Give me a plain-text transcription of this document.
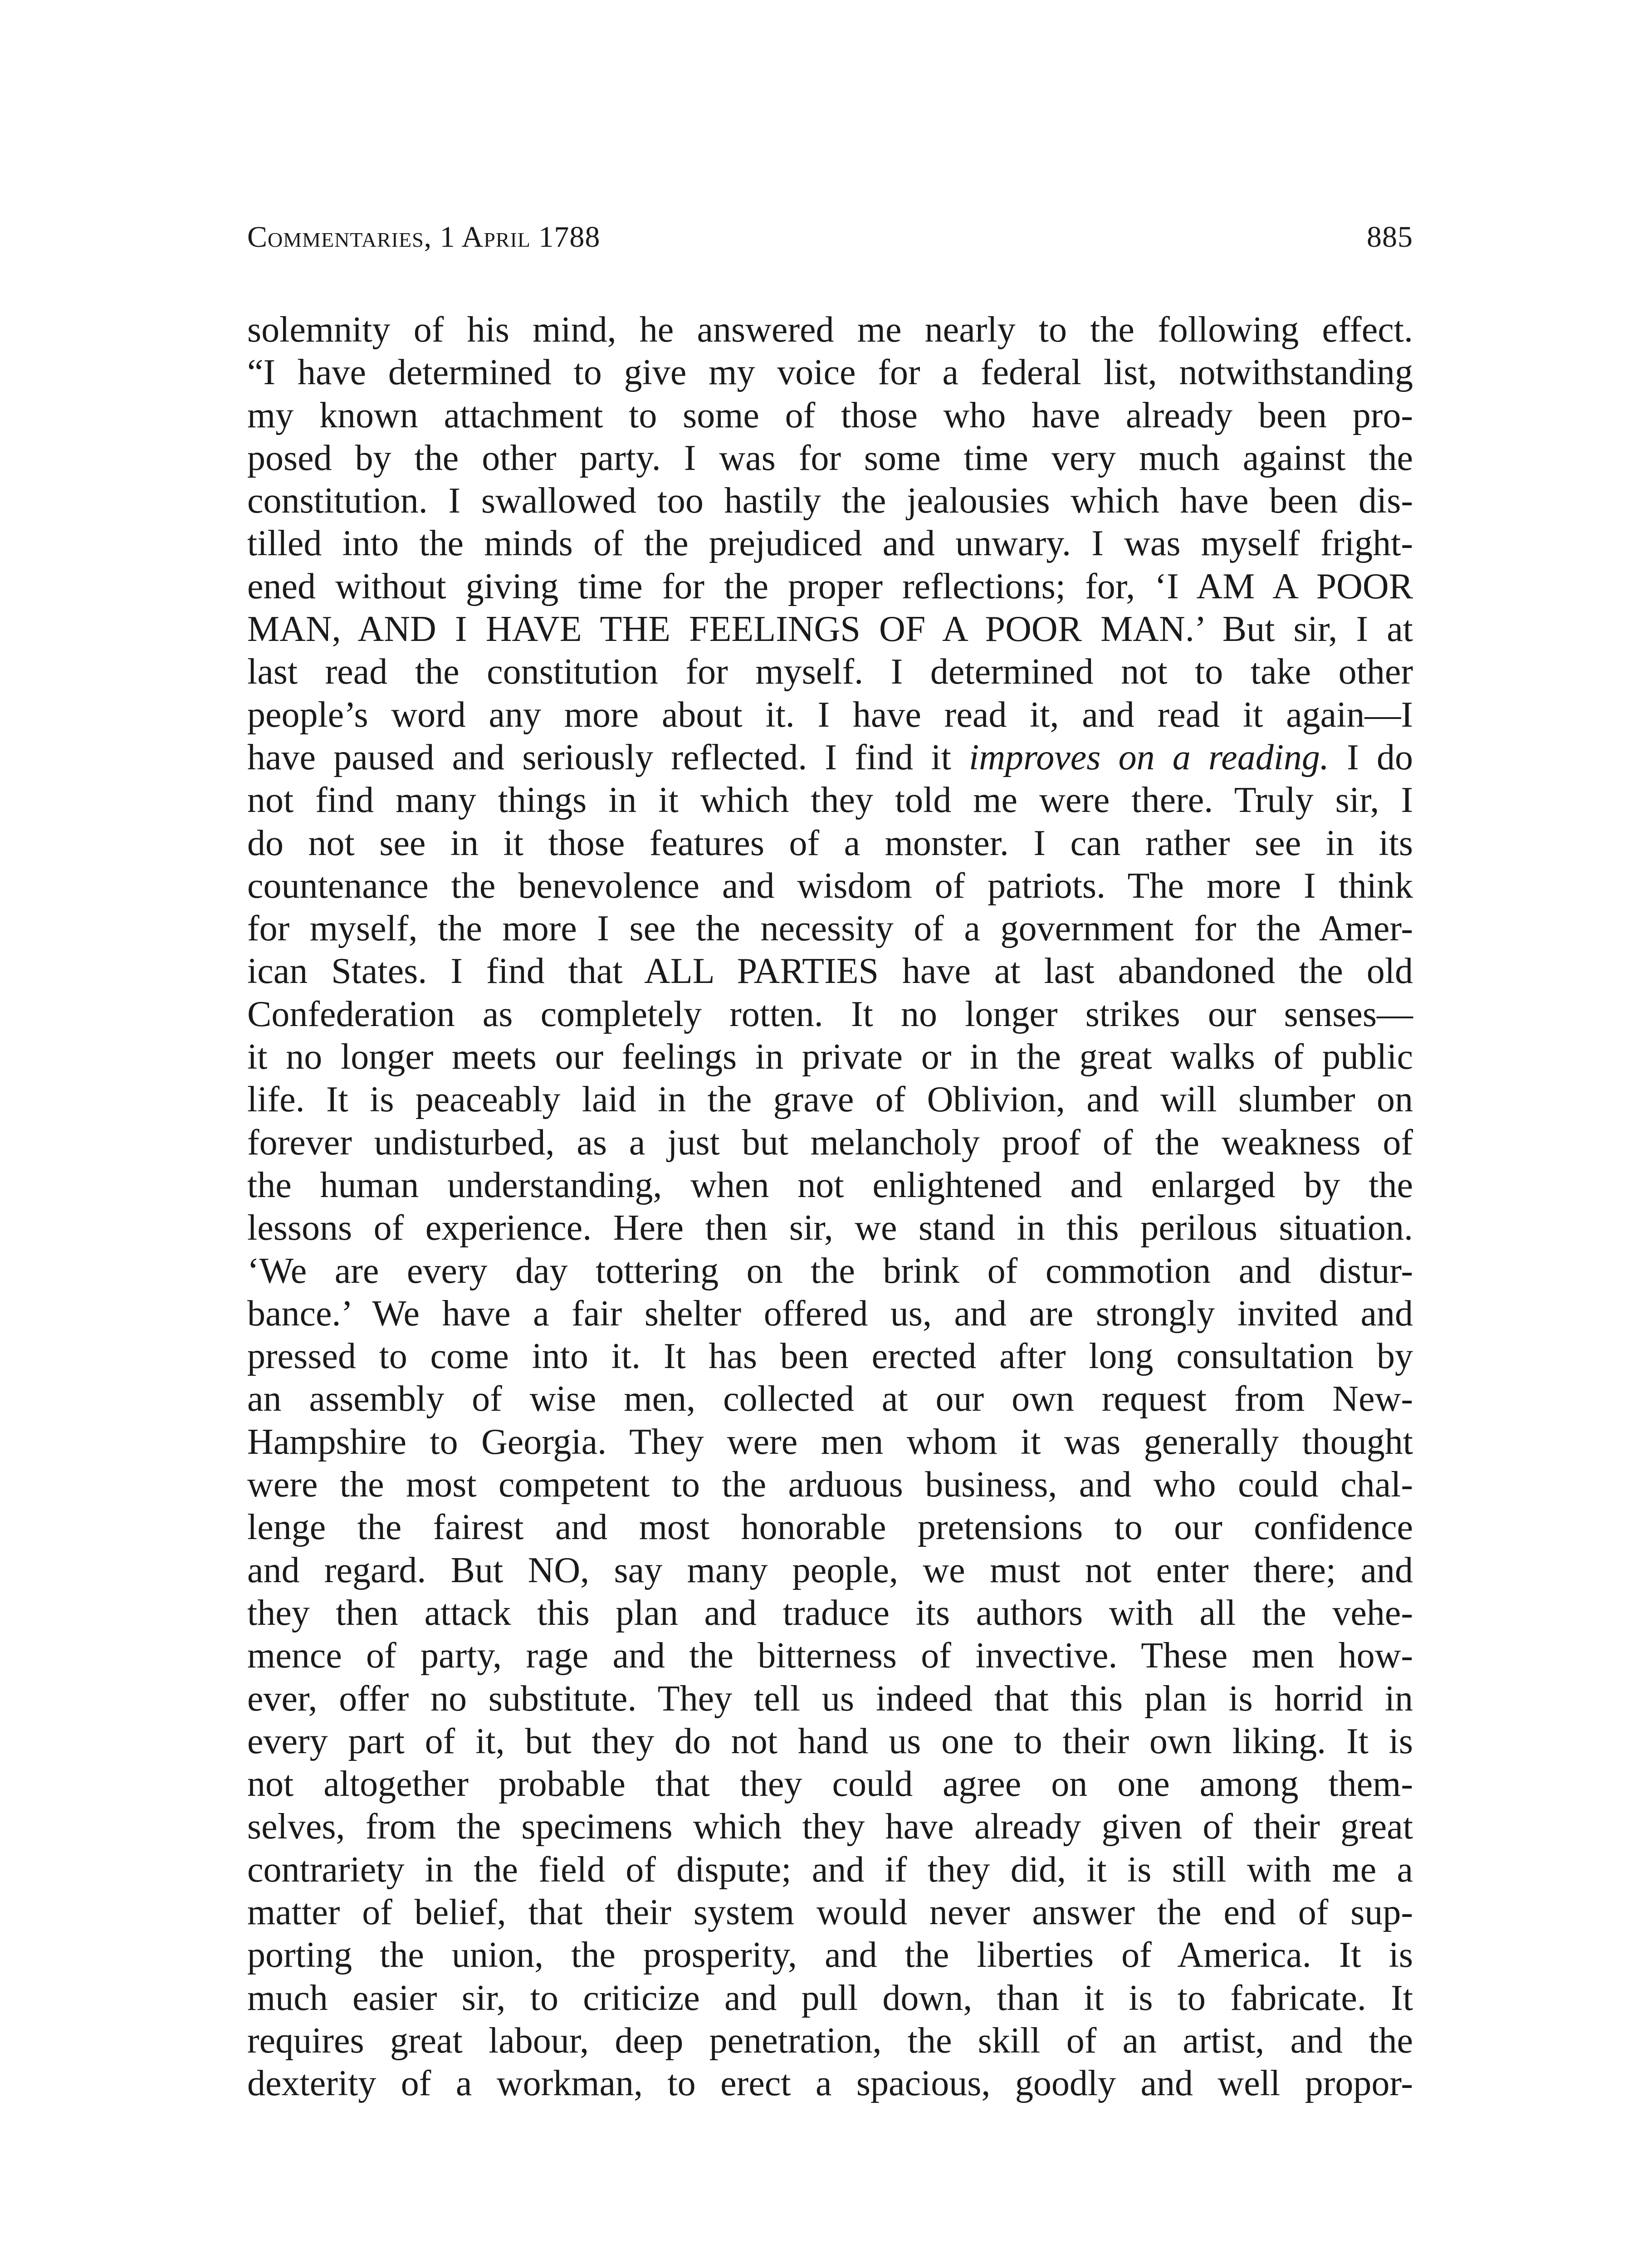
Commentaries, 1 April 1788	885
solemnity of his mind, he answered me nearly to the following effect.
“I have determined to give my voice for a federal list, notwithstanding
my known attachment to some of those who have already been pro-
posed by the other party. I was for some time very much against the
constitution. I swallowed too hastily the jealousies which have been dis-
tilled into the minds of the prejudiced and unwary. I was myself fright-
ened without giving time for the proper reflections; for, ‘I AM A POOR
MAN, AND I HAVE THE FEELINGS OF A POOR MAN.’ But sir, I at
last read the constitution for myself. I determined not to take other
people’s word any more about it. I have read it, and read it again—I
have paused and seriously reflected. I find it improves on a reading. I do
not find many things in it which they told me were there. Truly sir, I
do not see in it those features of a monster. I can rather see in its
countenance the benevolence and wisdom of patriots. The more I think
for myself, the more I see the necessity of a government for the Amer-
ican States. I find that ALL PARTIES have at last abandoned the old
Confederation as completely rotten. It no longer strikes our senses—
it no longer meets our feelings in private or in the great walks of public
life. It is peaceably laid in the grave of Oblivion, and will slumber on
forever undisturbed, as a just but melancholy proof of the weakness of
the human understanding, when not enlightened and enlarged by the
lessons of experience. Here then sir, we stand in this perilous situation.
‘We are every day tottering on the brink of commotion and distur-
bance.’ We have a fair shelter offered us, and are strongly invited and
pressed to come into it. It has been erected after long consultation by
an assembly of wise men, collected at our own request from New-
Hampshire to Georgia. They were men whom it was generally thought
were the most competent to the arduous business, and who could chal-
lenge the fairest and most honorable pretensions to our confidence
and regard. But NO, say many people, we must not enter there; and
they then attack this plan and traduce its authors with all the vehe-
mence of party, rage and the bitterness of invective. These men how-
ever, offer no substitute. They tell us indeed that this plan is horrid in
every part of it, but they do not hand us one to their own liking. It is
not altogether probable that they could agree on one among them-
selves, from the specimens which they have already given of their great
contrariety in the field of dispute; and if they did, it is still with me a
matter of belief, that their system would never answer the end of sup-
porting the union, the prosperity, and the liberties of America. It is
much easier sir, to criticize and pull down, than it is to fabricate. It
requires great labour, deep penetration, the skill of an artist, and the
dexterity of a workman, to erect a spacious, goodly and well propor-
